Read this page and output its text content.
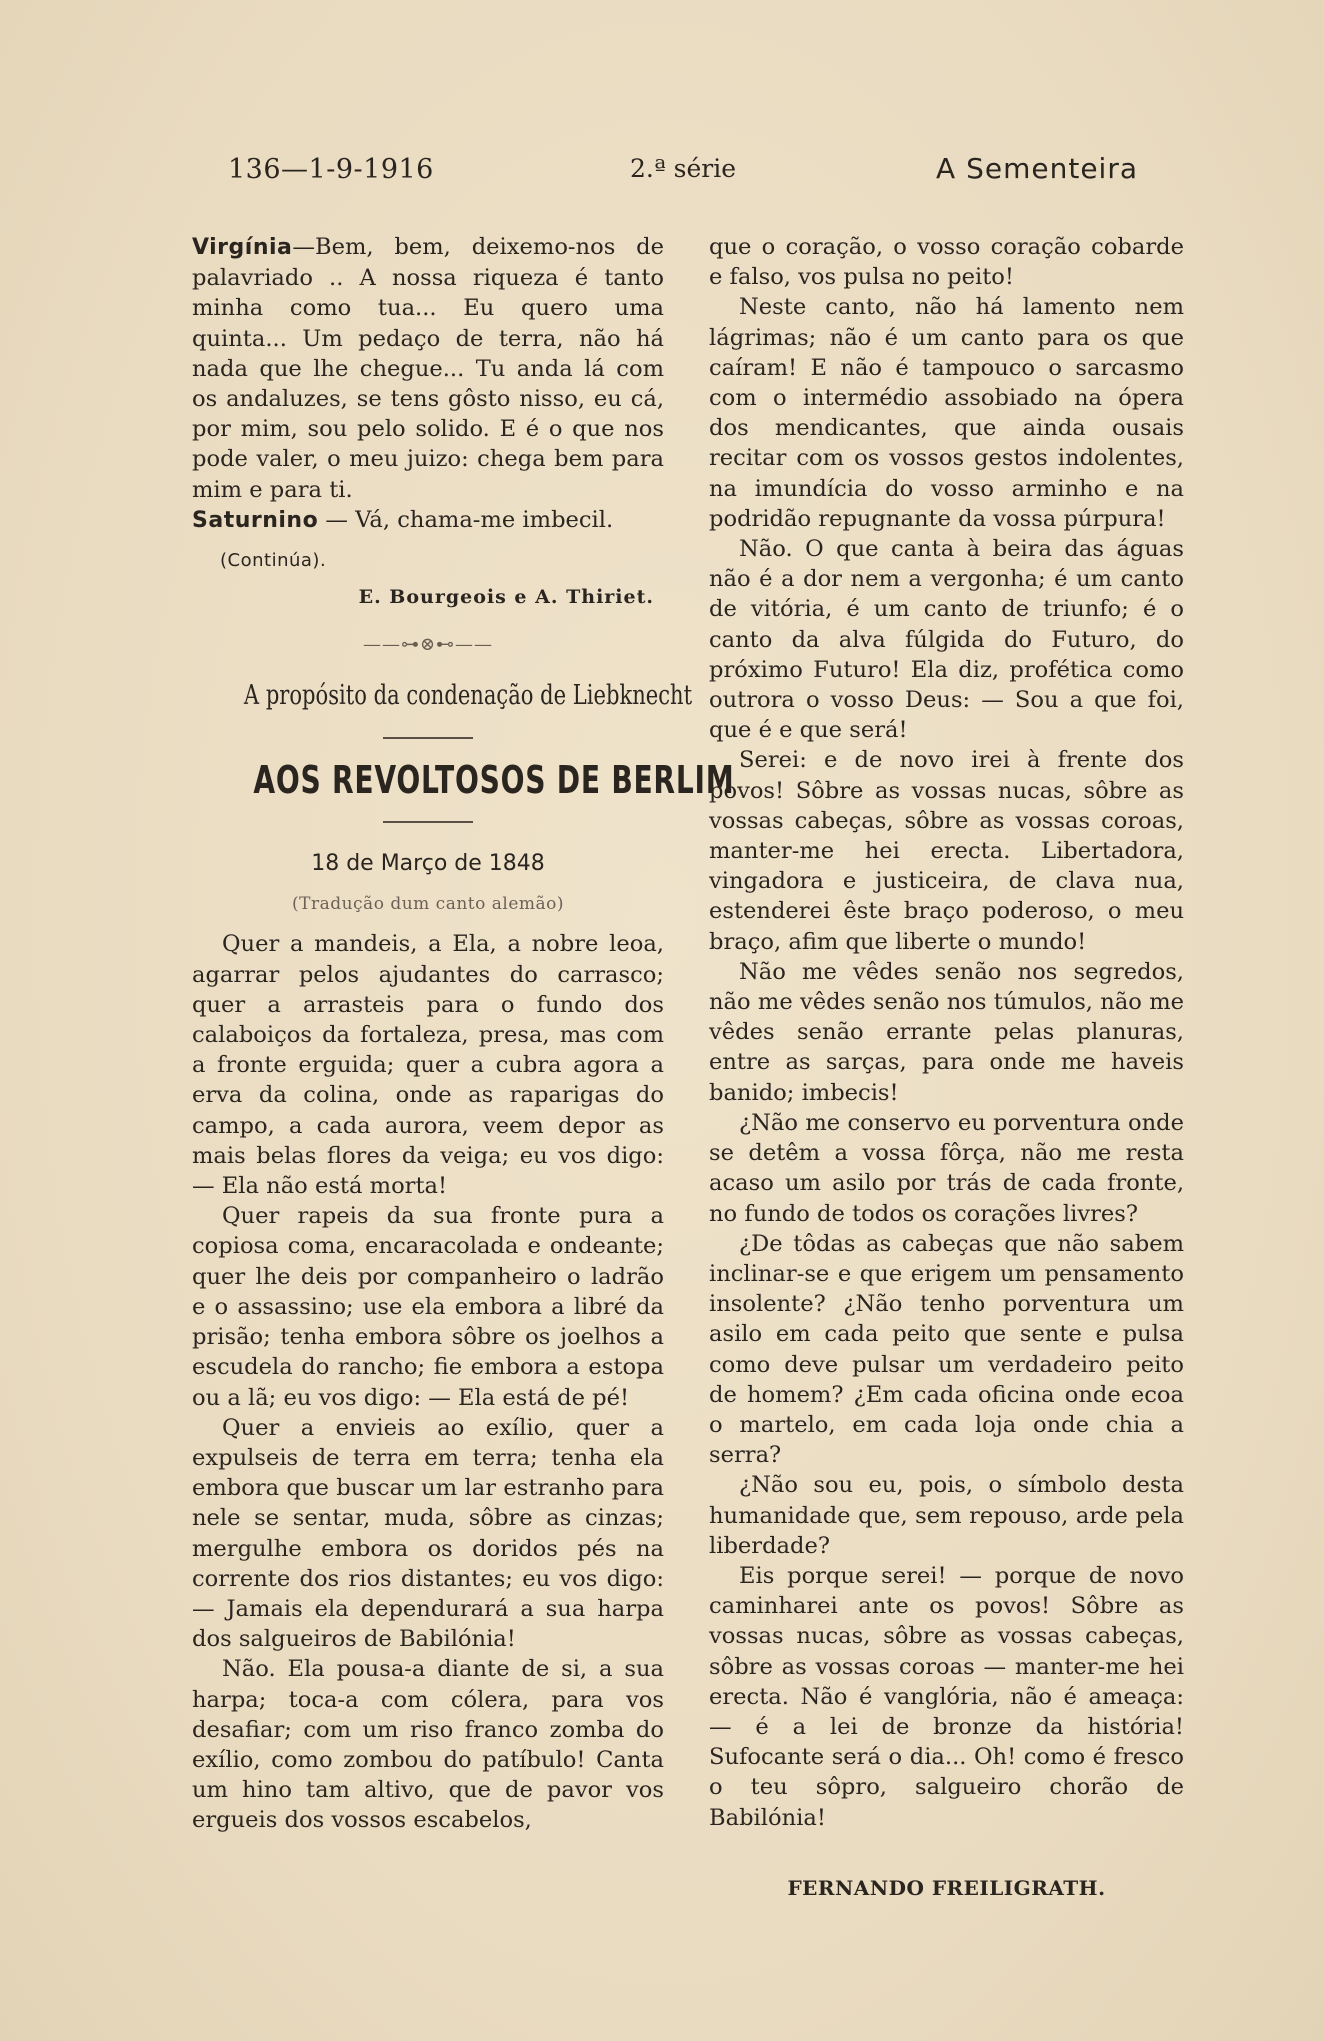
136—1-9-1916	2.ª série	A Sementeira

Virgínia—Bem, bem, deixemo-nos de palavriado .. A nossa riqueza é tanto minha como tua... Eu quero uma quinta... Um pedaço de terra, não há nada que lhe chegue... Tu anda lá com os andaluzes, se tens gôsto nisso, eu cá, por mim, sou pelo solido. E é o que nos pode valer, o meu juizo: chega bem para mim e para ti.

Saturnino — Vá, chama-me imbecil.

(Continúa).

E. Bourgeois e A. Thiriet.

——⊶⊗⊷——

A propósito da condenação de Liebknecht

AOS REVOLTOSOS DE BERLIM

18 de Março de 1848

(Tradução dum canto alemão)

Quer a mandeis, a Ela, a nobre leoa, agarrar pelos ajudantes do carrasco; quer a arrasteis para o fundo dos calaboiços da fortaleza, presa, mas com a fronte erguida; quer a cubra agora a erva da colina, onde as raparigas do campo, a cada aurora, veem depor as mais belas flores da veiga; eu vos digo: — Ela não está morta!

Quer rapeis da sua fronte pura a copiosa coma, encaracolada e ondeante; quer lhe deis por companheiro o ladrão e o assassino; use ela embora a libré da prisão; tenha embora sôbre os joelhos a escudela do rancho; fie embora a estopa ou a lã; eu vos digo: — Ela está de pé!

Quer a envieis ao exílio, quer a expulseis de terra em terra; tenha ela embora que buscar um lar estranho para nele se sentar, muda, sôbre as cinzas; mergulhe embora os doridos pés na corrente dos rios distantes; eu vos digo: — Jamais ela dependurará a sua harpa dos salgueiros de Babilónia!

Não. Ela pousa-a diante de si, a sua harpa; toca-a com cólera, para vos desafiar; com um riso franco zomba do exílio, como zombou do patíbulo! Canta um hino tam altivo, que de pavor vos ergueis dos vossos escabelos,

que o coração, o vosso coração cobarde e falso, vos pulsa no peito!

Neste canto, não há lamento nem lágrimas; não é um canto para os que caíram! E não é tampouco o sarcasmo com o intermédio assobiado na ópera dos mendicantes, que ainda ousais recitar com os vossos gestos indolentes, na imundícia do vosso arminho e na podridão repugnante da vossa púrpura!

Não. O que canta à beira das águas não é a dor nem a vergonha; é um canto de vitória, é um canto de triunfo; é o canto da alva fúlgida do Futuro, do próximo Futuro! Ela diz, profética como outrora o vosso Deus: — Sou a que foi, que é e que será!

Serei: e de novo irei à frente dos povos! Sôbre as vossas nucas, sôbre as vossas cabeças, sôbre as vossas coroas, manter-me hei erecta. Libertadora, vingadora e justiceira, de clava nua, estenderei êste braço poderoso, o meu braço, afim que liberte o mundo!

Não me vêdes senão nos segredos, não me vêdes senão nos túmulos, não me vêdes senão errante pelas planuras, entre as sarças, para onde me haveis banido; imbecis!

¿Não me conservo eu porventura onde se detêm a vossa fôrça, não me resta acaso um asilo por trás de cada fronte, no fundo de todos os corações livres?

¿De tôdas as cabeças que não sabem inclinar-se e que erigem um pensamento insolente? ¿Não tenho porventura um asilo em cada peito que sente e pulsa como deve pulsar um verdadeiro peito de homem? ¿Em cada oficina onde ecoa o martelo, em cada loja onde chia a serra?

¿Não sou eu, pois, o símbolo desta humanidade que, sem repouso, arde pela liberdade?

Eis porque serei! — porque de novo caminharei ante os povos! Sôbre as vossas nucas, sôbre as vossas cabeças, sôbre as vossas coroas — manter-me hei erecta. Não é vanglória, não é ameaça: — é a lei de bronze da história! Sufocante será o dia... Oh! como é fresco o teu sôpro, salgueiro chorão de Babilónia!

FERNANDO FREILIGRATH.
